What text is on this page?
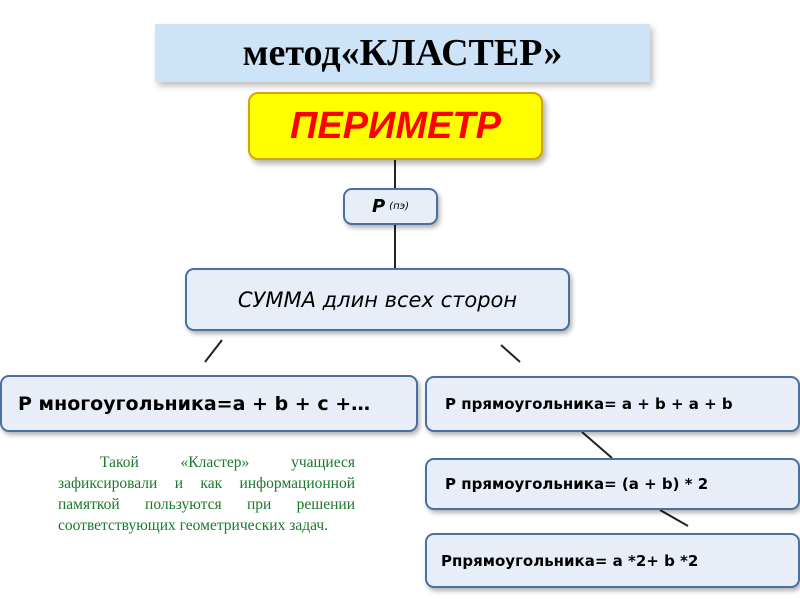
метод«КЛАСТЕР»
ПЕРИМЕТР
P (пэ)
СУММА длин всех сторон
P многоугольника=a + b + c +…	P прямоугольника= a + b + a + b
P прямоугольника= (a + b) * 2
Pпрямоугольника= a *2+ b *2

Такой «Кластер» учащиеся зафиксировали и как информационной памяткой пользуются при решении соответствующих геометрических задач.
